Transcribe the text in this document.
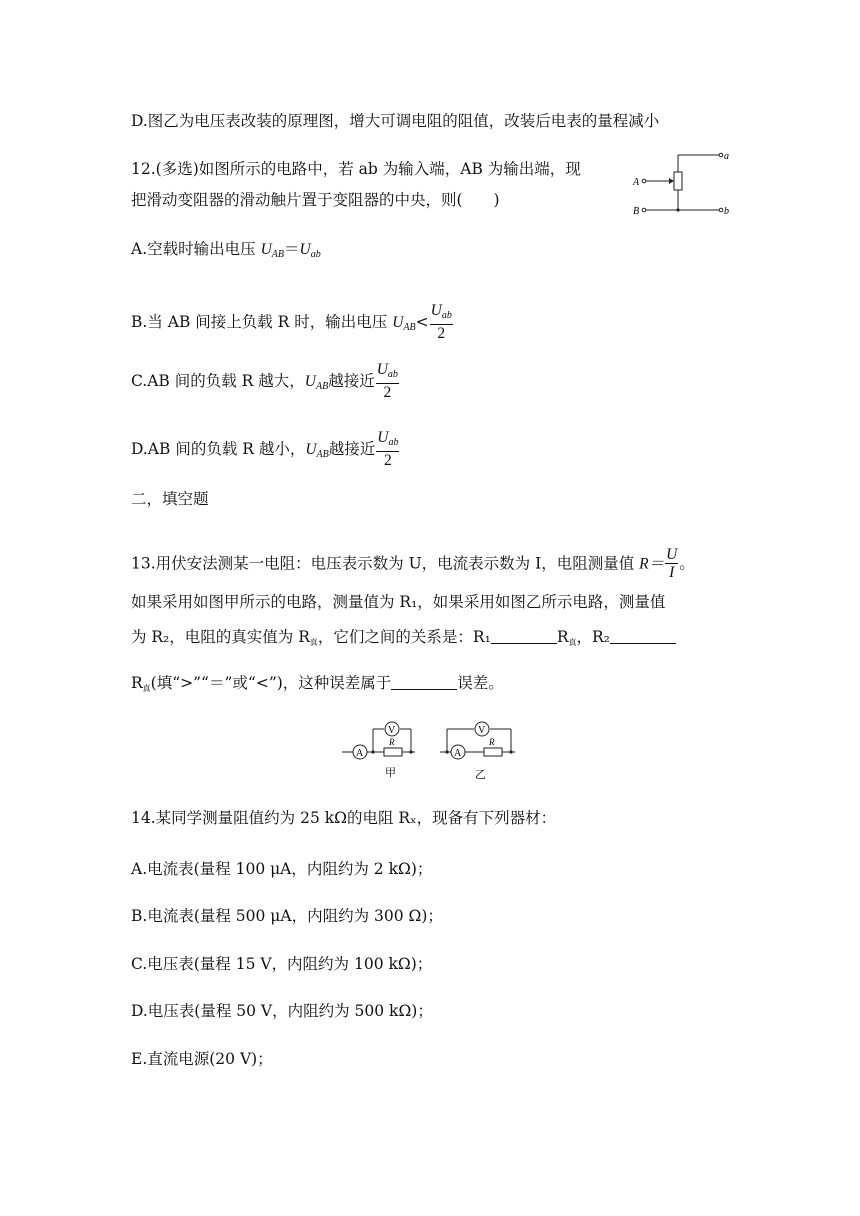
D.图乙为电压表改装的原理图，增大可调电阻的阻值，改装后电表的量程减小
12.(多选)如图所示的电路中，若 ab 为输入端，AB 为输出端，现
把滑动变阻器的滑动触片置于变阻器的中央，则(　　)
a
b
A
B
A.空载时输出电压 $U_{AB}=U_{ab}$
B.当 AB 间接上负载 R 时，输出电压 $U_{AB}< \frac{U_{ab}}{2}$
C.AB 间的负载 R 越大，$U_{AB}$越接近 $\frac{U_{ab}}{2}$
D.AB 间的负载 R 越小，$U_{AB}$越接近 $\frac{U_{ab}}{2}$
二，填空题
13.用伏安法测某一电阻：电压表示数为 U，电流表示数为 I，电阻测量值 $R= \frac{U}{I}$ 。
如果采用如图甲所示的电路，测量值为 R₁，如果采用如图乙所示电路，测量值
为 R₂，电阻的真实值为 $R_真$，它们之间的关系是：R₁	$R_真$，R₂
$R_真$(填“>”“＝”或“<”)，这种误差属于	误差。
A
V
R
A
V
R
甲	乙
14.某同学测量阻值约为 25 kΩ的电阻 Rₓ，现备有下列器材：
A.电流表(量程 100 μA，内阻约为 2 kΩ)；
B.电流表(量程 500 μA，内阻约为 300 Ω)；
C.电压表(量程 15 V，内阻约为 100 kΩ)；
D.电压表(量程 50 V，内阻约为 500 kΩ)；
E.直流电源(20 V)；
